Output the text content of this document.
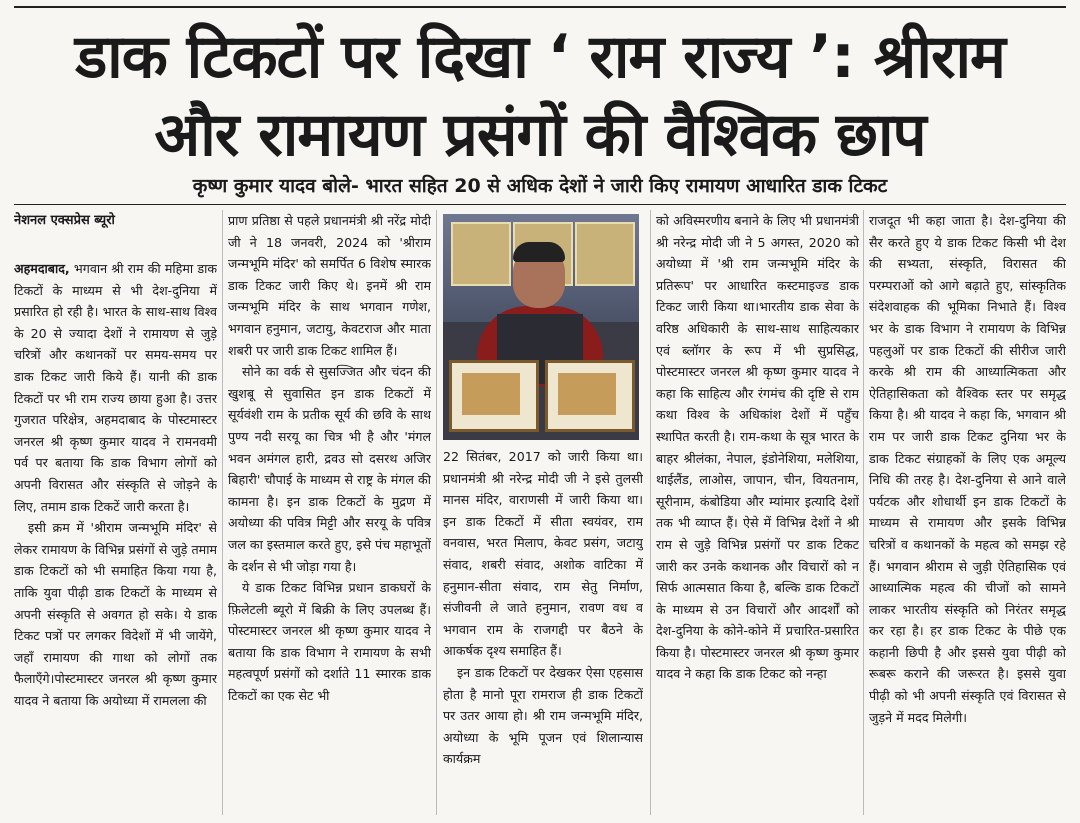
डाक टिकटों पर दिखा ‘ राम राज्य ’: श्रीराम
और रामायण प्रसंगों की वैश्विक छाप
कृष्ण कुमार यादव बोले- भारत सहित 20 से अधिक देशों ने जारी किए रामायण आधारित डाक टिकट
नेशनल एक्सप्रेस ब्यूरो

अहमदाबाद, भगवान श्री राम की महिमा डाक टिकटों के माध्यम से भी देश-दुनिया में प्रसारित हो रही है। भारत के साथ-साथ विश्व के 20 से ज्यादा देशों ने रामायण से जुड़े चरित्रों और कथानकों पर समय-समय पर डाक टिकट जारी किये हैं। यानी की डाक टिकटों पर भी राम राज्य छाया हुआ है। उत्तर गुजरात परिक्षेत्र, अहमदाबाद के पोस्टमास्टर जनरल श्री कृष्ण कुमार यादव ने रामनवमी पर्व पर बताया कि डाक विभाग लोगों को अपनी विरासत और संस्कृति से जोड़ने के लिए, तमाम डाक टिकटें जारी करता है।

इसी क्रम में 'श्रीराम जन्मभूमि मंदिर' से लेकर रामायण के विभिन्न प्रसंगों से जुड़े तमाम डाक टिकटों को भी समाहित किया गया है, ताकि युवा पीढ़ी डाक टिकटों के माध्यम से अपनी संस्कृति से अवगत हो सके। ये डाक टिकट पत्रों पर लगकर विदेशों में भी जायेंगे, जहाँ रामायण की गाथा को लोगों तक फैलाएँगे।पोस्टमास्टर जनरल श्री कृष्ण कुमार यादव ने बताया कि अयोध्या में रामलला की

प्राण प्रतिष्ठा से पहले प्रधानमंत्री श्री नरेंद्र मोदी जी ने 18 जनवरी, 2024 को 'श्रीराम जन्मभूमि मंदिर' को समर्पित 6 विशेष स्मारक डाक टिकट जारी किए थे। इनमें श्री राम जन्मभूमि मंदिर के साथ भगवान गणेश, भगवान हनुमान, जटायु, केवटराज और माता शबरी पर जारी डाक टिकट शामिल हैं।

सोने का वर्क से सुसज्जित और चंदन की खुशबू से सुवासित इन डाक टिकटों में सूर्यवंशी राम के प्रतीक सूर्य की छवि के साथ पुण्य नदी सरयू का चित्र भी है और 'मंगल भवन अमंगल हारी, द्रवउ सो दसरथ अजिर बिहारी' चौपाई के माध्यम से राष्ट्र के मंगल की कामना है। इन डाक टिकटों के मुद्रण में अयोध्या की पवित्र मिट्टी और सरयू के पवित्र जल का इस्तमाल करते हुए, इसे पंच महाभूतों के दर्शन से भी जोड़ा गया है।

ये डाक टिकट विभिन्न प्रधान डाकघरों के फ़िलेटली ब्यूरो में बिक्री के लिए उपलब्ध हैं। पोस्टमास्टर जनरल श्री कृष्ण कुमार यादव ने बताया कि डाक विभाग ने रामायण के सभी महत्वपूर्ण प्रसंगों को दर्शाते 11 स्मारक डाक टिकटों का एक सेट भी

22 सितंबर, 2017 को जारी किया था। प्रधानमंत्री श्री नरेन्द्र मोदी जी ने इसे तुलसी मानस मंदिर, वाराणसी में जारी किया था। इन डाक टिकटों में सीता स्वयंवर, राम वनवास, भरत मिलाप, केवट प्रसंग, जटायु संवाद, शबरी संवाद, अशोक वाटिका में हनुमान-सीता संवाद, राम सेतु निर्माण, संजीवनी ले जाते हनुमान, रावण वध व भगवान राम के राजगद्दी पर बैठने के आकर्षक दृश्य समाहित हैं।

इन डाक टिकटों पर देखकर ऐसा एहसास होता है मानो पूरा रामराज ही डाक टिकटों पर उतर आया हो। श्री राम जन्मभूमि मंदिर, अयोध्या के भूमि पूजन एवं शिलान्यास कार्यक्रम

को अविस्मरणीय बनाने के लिए भी प्रधानमंत्री श्री नरेन्द्र मोदी जी ने 5 अगस्त, 2020 को अयोध्या में 'श्री राम जन्मभूमि मंदिर के प्रतिरूप' पर आधारित कस्टमाइज्ड डाक टिकट जारी किया था।भारतीय डाक सेवा के वरिष्ठ अधिकारी के साथ-साथ साहित्यकार एवं ब्लॉगर के रूप में भी सुप्रसिद्ध, पोस्टमास्टर जनरल श्री कृष्ण कुमार यादव ने कहा कि साहित्य और रंगमंच की दृष्टि से राम कथा विश्व के अधिकांश देशों में पहुँच स्थापित करती है। राम-कथा के सूत्र भारत के बाहर श्रीलंका, नेपाल, इंडोनेशिया, मलेशिया, थाईलैंड, लाओस, जापान, चीन, वियतनाम, सूरीनाम, कंबोडिया और म्यांमार इत्यादि देशों तक भी व्याप्त हैं। ऐसे में विभिन्न देशों ने श्री राम से जुड़े विभिन्न प्रसंगों पर डाक टिकट जारी कर उनके कथानक और विचारों को न सिर्फ आत्मसात किया है, बल्कि डाक टिकटों के माध्यम से उन विचारों और आदर्शों को देश-दुनिया के कोने-कोने में प्रचारित-प्रसारित किया है। पोस्टमास्टर जनरल श्री कृष्ण कुमार यादव ने कहा कि डाक टिकट को नन्हा

राजदूत भी कहा जाता है। देश-दुनिया की सैर करते हुए ये डाक टिकट किसी भी देश की सभ्यता, संस्कृति, विरासत की परम्पराओं को आगे बढ़ाते हुए, सांस्कृतिक संदेशवाहक की भूमिका निभाते हैं। विश्व भर के डाक विभाग ने रामायण के विभिन्न पहलुओं पर डाक टिकटों की सीरीज जारी करके श्री राम की आध्यात्मिकता और ऐतिहासिकता को वैश्विक स्तर पर समृद्ध किया है। श्री यादव ने कहा कि, भगवान श्री राम पर जारी डाक टिकट दुनिया भर के डाक टिकट संग्राहकों के लिए एक अमूल्य निधि की तरह है। देश-दुनिया से आने वाले पर्यटक और शोधार्थी इन डाक टिकटों के माध्यम से रामायण और इसके विभिन्न चरित्रों व कथानकों के महत्व को समझ रहे हैं। भगवान श्रीराम से जुड़ी ऐतिहासिक एवं आध्यात्मिक महत्व की चीजों को सामने लाकर भारतीय संस्कृति को निरंतर समृद्ध कर रहा है। हर डाक टिकट के पीछे एक कहानी छिपी है और इससे युवा पीढ़ी को रूबरू कराने की जरूरत है। इससे युवा पीढ़ी को भी अपनी संस्कृति एवं विरासत से जुड़ने में मदद मिलेगी।
